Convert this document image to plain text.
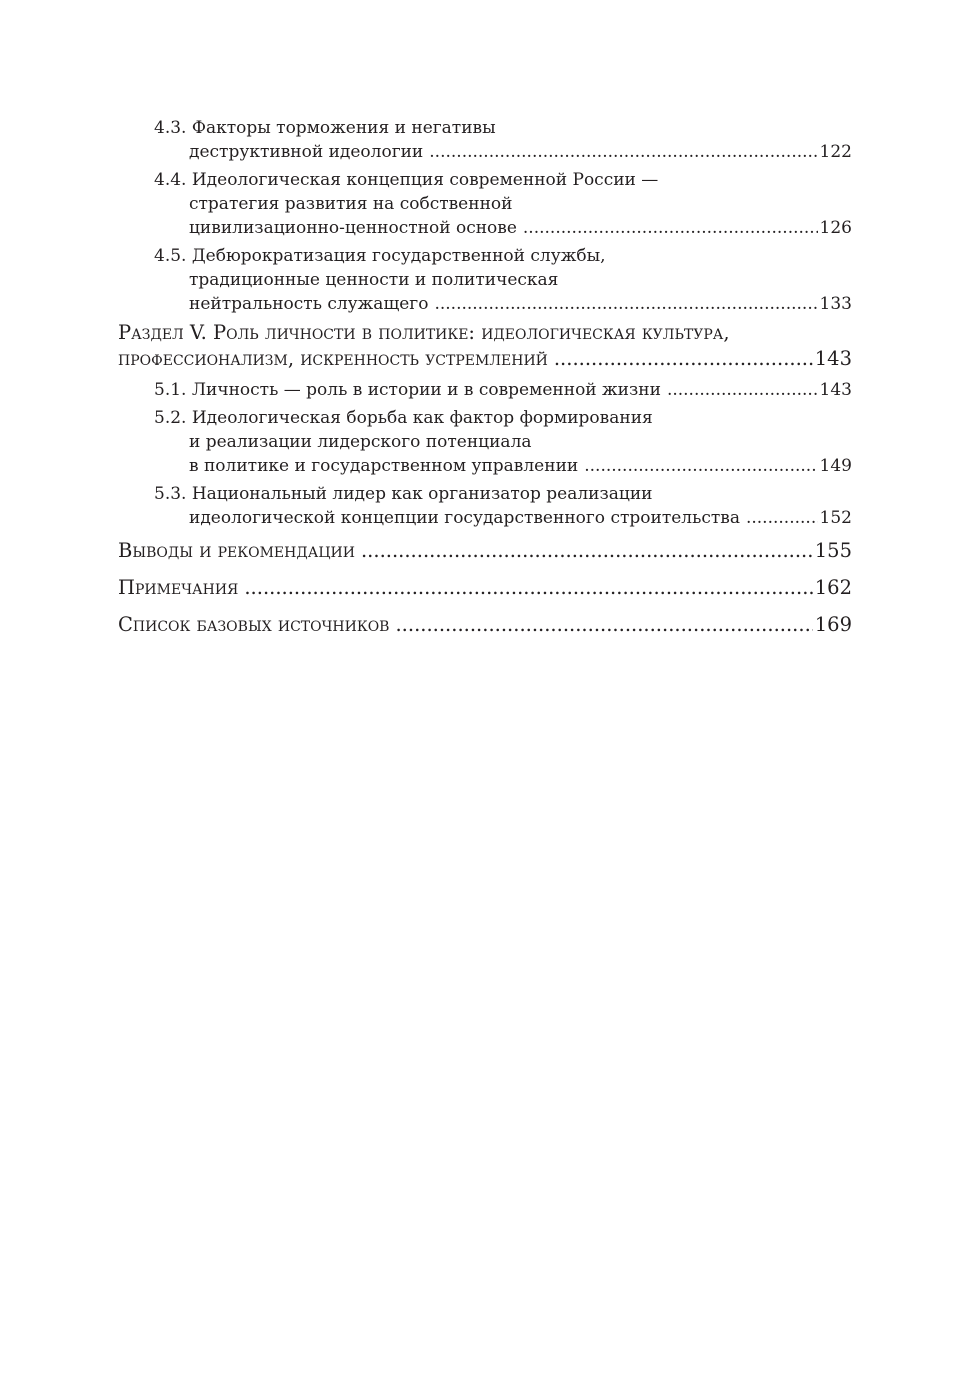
4.3. Факторы торможения и негативы
деструктивной идеологии .....	122
4.4. Идеологическая концепция современной России —
стратегия развития на собственной
цивилизационно-ценностной основе .....	126
4.5. Дебюрократизация государственной службы,
традиционные ценности и политическая
нейтральность служащего .....	133
Раздел V. Роль личности в политике: идеологическая культура,
профессионализм, искренность устремлений .....	143
5.1. Личность — роль в истории и в современной жизни .....	143
5.2. Идеологическая борьба как фактор формирования
и реализации лидерского потенциала
в политике и государственном управлении .....	149
5.3. Национальный лидер как организатор реализации
идеологической концепции государственного строительства .....	152
Выводы и рекомендации .....	155
Примечания .....	162
Список базовых источников .....	169
